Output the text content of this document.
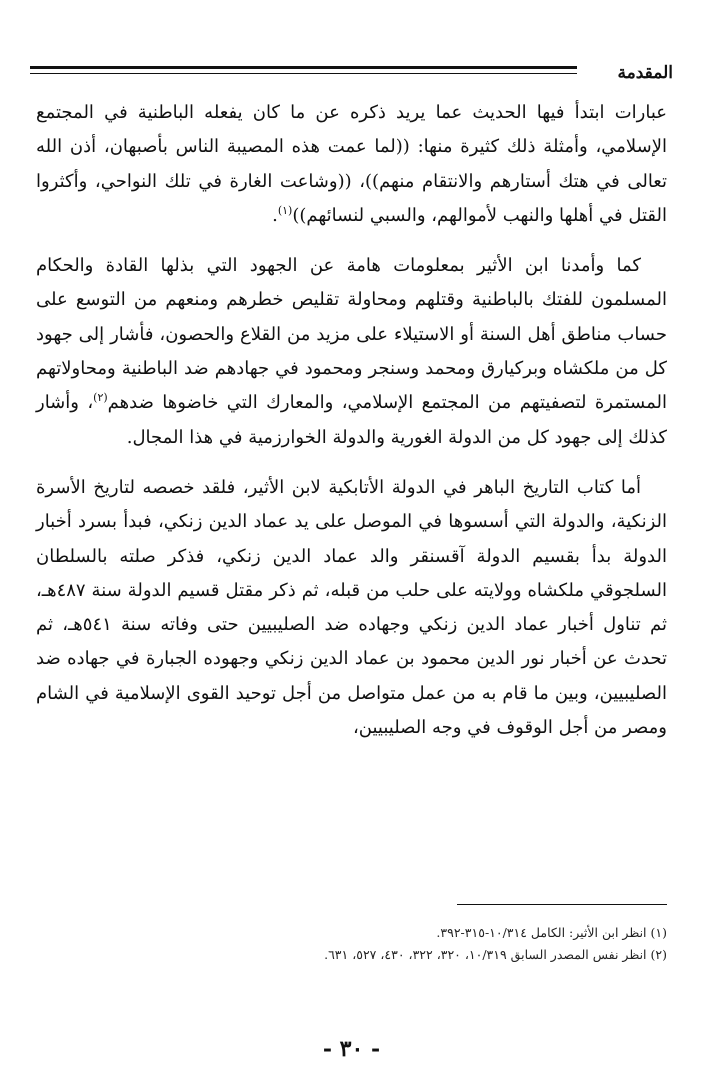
المقدمة

عبارات ابتدأ فيها الحديث عما يريد ذكره عن ما كان يفعله الباطنية في المجتمع الإسلامي، وأمثلة ذلك كثيرة منها: ((لما عمت هذه المصيبة الناس بأصبهان، أذن الله تعالى في هتك أستارهم والانتقام منهم))، ((وشاعت الغارة في تلك النواحي، وأكثروا القتل في أهلها والنهب لأموالهم، والسبي لنسائهم))$^{(١)}$.

كما وأمدنا ابن الأثير بمعلومات هامة عن الجهود التي بذلها القادة والحكام المسلمون للفتك بالباطنية وقتلهم ومحاولة تقليص خطرهم ومنعهم من التوسع على حساب مناطق أهل السنة أو الاستيلاء على مزيد من القلاع والحصون، فأشار إلى جهود كل من ملكشاه وبركيارق ومحمد وسنجر ومحمود في جهادهم ضد الباطنية ومحاولاتهم المستمرة لتصفيتهم من المجتمع الإسلامي، والمعارك التي خاضوها ضدهم$^{(٢)}$، وأشار كذلك إلى جهود كل من الدولة الغورية والدولة الخوارزمية في هذا المجال.

أما كتاب التاريخ الباهر في الدولة الأتابكية لابن الأثير، فلقد خصصه لتاريخ الأسرة الزنكية، والدولة التي أسسوها في الموصل على يد عماد الدين زنكي، فبدأ بسرد أخبار الدولة بدأ بقسيم الدولة آقسنقر والد عماد الدين زنكي، فذكر صلته بالسلطان السلجوقي ملكشاه وولايته على حلب من قبله، ثم ذكر مقتل قسيم الدولة سنة ٤٨٧هـ، ثم تناول أخبار عماد الدين زنكي وجهاده ضد الصليبيين حتى وفاته سنة ٥٤١هـ، ثم تحدث عن أخبار نور الدين محمود بن عماد الدين زنكي وجهوده الجبارة في جهاده ضد الصليبيين، وبين ما قام به من عمل متواصل من أجل توحيد القوى الإسلامية في الشام ومصر من أجل الوقوف في وجه الصليبيين،

(١) انظر ابن الأثير: الكامل ١٠/٣١٤-٣١٥-٣٩٢.

(٢) انظر نفس المصدر السابق ١٠/٣١٩، ٣٢٠، ٣٢٢، ٤٣٠، ٥٢٧، ٦٣١.

- ٣٠ -
